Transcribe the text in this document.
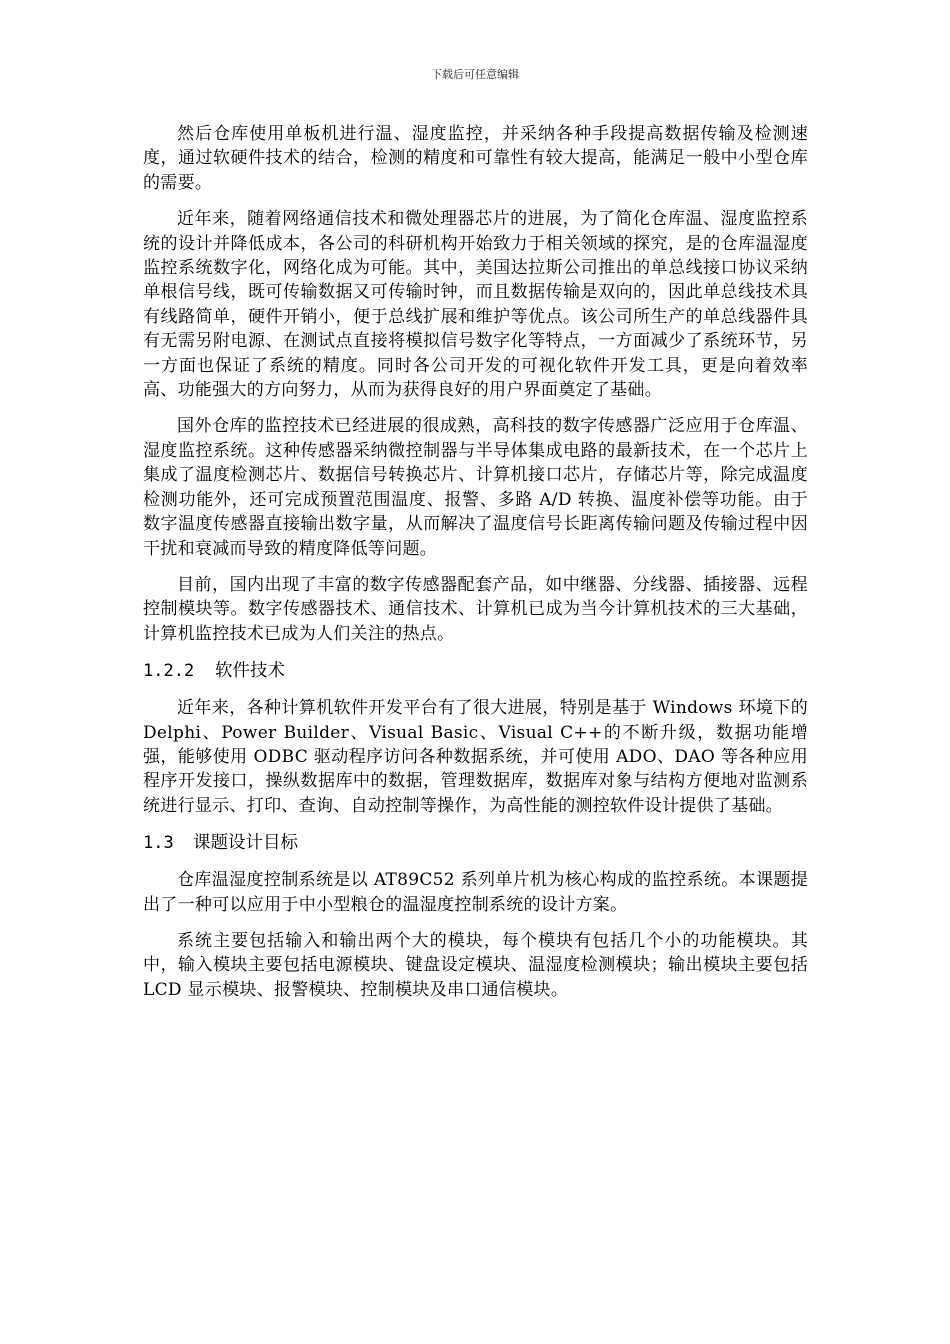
下载后可任意编辑

然后仓库使用单板机进行温、湿度监控，并采纳各种手段提高数据传输及检测速度，通过软硬件技术的结合，检测的精度和可靠性有较大提高，能满足一般中小型仓库的需要。

近年来，随着网络通信技术和微处理器芯片的进展，为了简化仓库温、湿度监控系统的设计并降低成本，各公司的科研机构开始致力于相关领域的探究，是的仓库温湿度监控系统数字化，网络化成为可能。其中，美国达拉斯公司推出的单总线接口协议采纳单根信号线，既可传输数据又可传输时钟，而且数据传输是双向的，因此单总线技术具有线路简单，硬件开销小，便于总线扩展和维护等优点。该公司所生产的单总线器件具有无需另附电源、在测试点直接将模拟信号数字化等特点，一方面减少了系统环节，另一方面也保证了系统的精度。同时各公司开发的可视化软件开发工具，更是向着效率高、功能强大的方向努力，从而为获得良好的用户界面奠定了基础。

国外仓库的监控技术已经进展的很成熟，高科技的数字传感器广泛应用于仓库温、湿度监控系统。这种传感器采纳微控制器与半导体集成电路的最新技术，在一个芯片上集成了温度检测芯片、数据信号转换芯片、计算机接口芯片，存储芯片等，除完成温度检测功能外，还可完成预置范围温度、报警、多路 A/D 转换、温度补偿等功能。由于数字温度传感器直接输出数字量，从而解决了温度信号长距离传输问题及传输过程中因干扰和衰减而导致的精度降低等问题。

目前，国内出现了丰富的数字传感器配套产品，如中继器、分线器、插接器、远程控制模块等。数字传感器技术、通信技术、计算机已成为当今计算机技术的三大基础，计算机监控技术已成为人们关注的热点。

1.2.2 软件技术

近年来，各种计算机软件开发平台有了很大进展，特别是基于 Windows 环境下的 Delphi、Power Builder、Visual Basic、Visual C++的不断升级，数据功能增强，能够使用 ODBC 驱动程序访问各种数据系统，并可使用 ADO、DAO 等各种应用程序开发接口，操纵数据库中的数据，管理数据库，数据库对象与结构方便地对监测系统进行显示、打印、查询、自动控制等操作，为高性能的测控软件设计提供了基础。

1.3 课题设计目标

仓库温湿度控制系统是以 AT89C52 系列单片机为核心构成的监控系统。本课题提出了一种可以应用于中小型粮仓的温湿度控制系统的设计方案。

系统主要包括输入和输出两个大的模块，每个模块有包括几个小的功能模块。其中，输入模块主要包括电源模块、键盘设定模块、温湿度检测模块；输出模块主要包括 LCD 显示模块、报警模块、控制模块及串口通信模块。
